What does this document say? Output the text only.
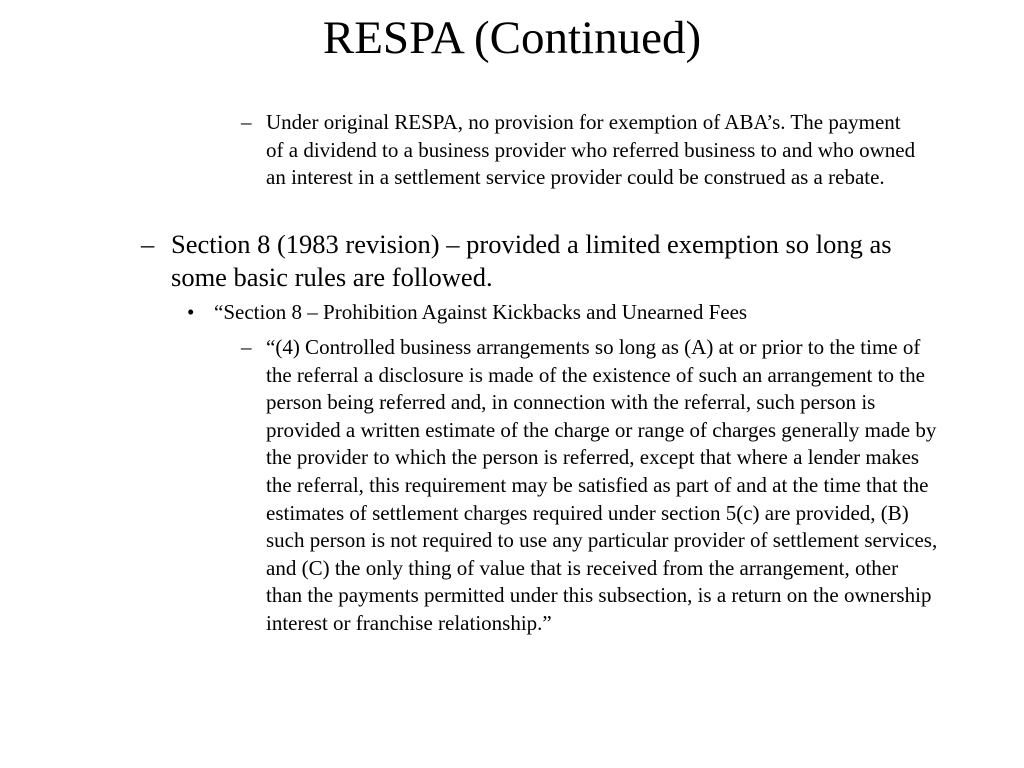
RESPA (Continued)
– Under original RESPA, no provision for exemption of ABA’s. The payment of a dividend to a business provider who referred business to and who owned an interest in a settlement service provider could be construed as a rebate.
– Section 8 (1983 revision) – provided a limited exemption so long as some basic rules are followed.
• “Section 8 – Prohibition Against Kickbacks and Unearned Fees
– “(4) Controlled business arrangements so long as (A) at or prior to the time of the referral a disclosure is made of the existence of such an arrangement to the person being referred and, in connection with the referral, such person is provided a written estimate of the charge or range of charges generally made by the provider to which the person is referred, except that where a lender makes the referral, this requirement may be satisfied as part of and at the time that the estimates of settlement charges required under section 5(c) are provided, (B) such person is not required to use any particular provider of settlement services, and (C) the only thing of value that is received from the arrangement, other than the payments permitted under this subsection, is a return on the ownership interest or franchise relationship.”
